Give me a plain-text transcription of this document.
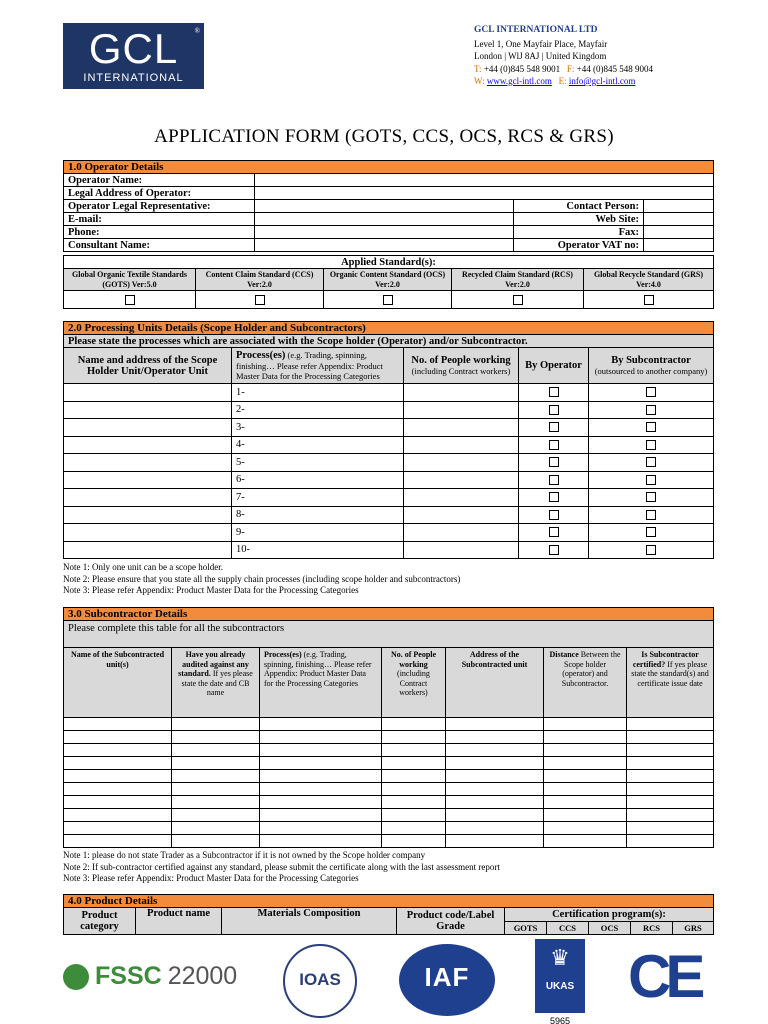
GCL
INTERNATIONAL
®	GCL INTERNATIONAL LTD
Level 1, One Mayfair Place, Mayfair
London | WlJ 8AJ | United Kingdom
T: +44 (0)845 548 9001 F: +44 (0)845 548 9004
W: www.gcl-intl.com E: info@gcl-intl.com
APPLICATION FORM (GOTS, CCS, OCS, RCS & GRS)
1.0 Operator Details			
Operator Name:			
Legal Address of Operator:			
Operator Legal Representative:		Contact Person:	
E-mail:		Web Site:	
Phone:		Fax:	
Consultant Name:		Operator VAT no:	
Applied Standard(s):				
Global Organic Textile Standards (GOTS) Ver:5.0	Content Claim Standard (CCS) Ver:2.0	Organic Content Standard (OCS) Ver:2.0	Recycled Claim Standard (RCS) Ver:2.0	Global Recycle Standard (GRS) Ver:4.0

2.0 Processing Units Details (Scope Holder and Subcontractors)				
Please state the processes which are associated with the Scope holder (Operator) and/or Subcontractor.				
Name and address of the Scope Holder Unit/Operator Unit	Process(es) (e.g. Trading, spinning, finishing… Please refer Appendix: Product Master Data for the Processing Categories	No. of People working (including Contract workers)	By Operator	By Subcontractor
(outsourced to another company)
	1-			
	2-			
	3-			
	4-			
	5-			
	6-			
	7-			
	8-			
	9-			
	10-			
Note 1: Only one unit can be a scope holder.
Note 2: Please ensure that you state all the supply chain processes (including scope holder and subcontractors)
Note 3: Please refer Appendix: Product Master Data for the Processing Categories
3.0 Subcontractor Details						
Please complete this table for all the subcontractors						
Name of the Subcontracted unit(s)	Have you already audited against any standard. If yes please state the date and CB name	Process(es) (e.g. Trading, spinning, finishing… Please refer Appendix: Product Master Data for the Processing Categories	No. of People working (including Contract workers)	Address of the Subcontracted unit	Distance Between the Scope holder (operator) and Subcontractor.	Is Subcontractor certified? If yes please state the standard(s) and certificate issue date

Note 1: please do not state Trader as a Subcontractor if it is not owned by the Scope holder company
Note 2: If sub-contractor certified against any standard, please submit the certificate along with the last assessment report
Note 3: Please refer Appendix: Product Master Data for the Processing Categories
4.0 Product Details								
Product category	Product name	Materials Composition	Product code/Label Grade	Certification program(s):				
				GOTS	CCS	OCS	RCS	GRS
FSSC 22000	IOAS	IAF
♛
UKAS
5965
CE
